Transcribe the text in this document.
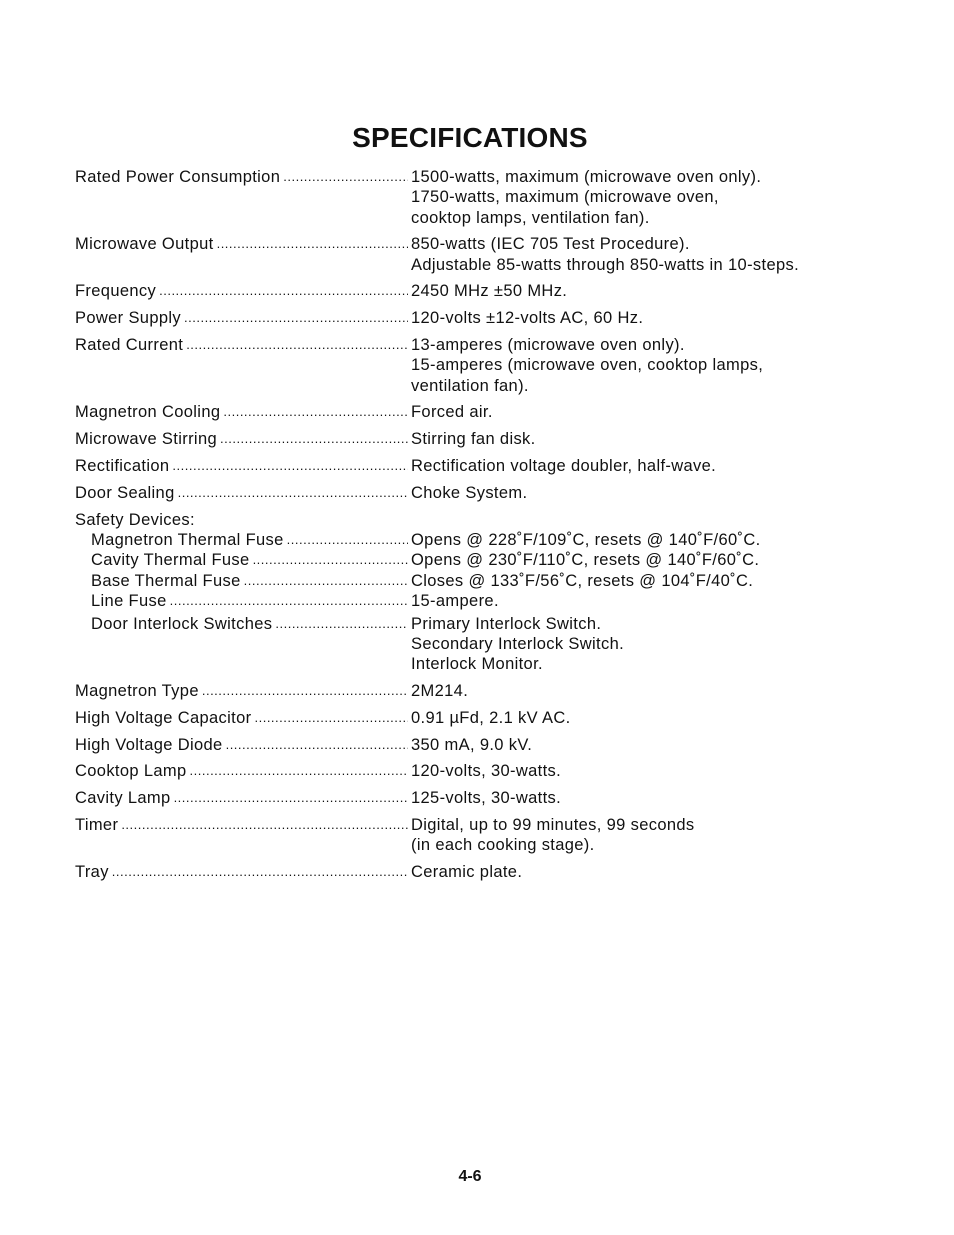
SPECIFICATIONS
Rated Power Consumption .....	1500-watts, maximum (microwave oven only).
1750-watts, maximum (microwave oven,
cooktop lamps, ventilation fan).
Microwave Output .....	850-watts (IEC 705 Test Procedure).
Adjustable 85-watts through 850-watts in 10-steps.
Frequency .....	2450 MHz ±50 MHz.
Power Supply .....	120-volts ±12-volts AC, 60 Hz.
Rated Current .....	13-amperes (microwave oven only).
15-amperes (microwave oven, cooktop lamps,
ventilation fan).
Magnetron Cooling .....	Forced air.
Microwave Stirring .....	Stirring fan disk.
Rectification .....	Rectification voltage doubler, half-wave.
Door Sealing .....	Choke System.
Safety Devices:
Magnetron Thermal Fuse .....	Opens @ 228˚F/109˚C, resets @ 140˚F/60˚C.
Cavity Thermal Fuse .....	Opens @ 230˚F/110˚C, resets @ 140˚F/60˚C.
Base Thermal Fuse .....	Closes @ 133˚F/56˚C, resets @ 104˚F/40˚C.
Line Fuse .....	15-ampere.
Door Interlock Switches .....	Primary Interlock Switch.
Secondary Interlock Switch.
Interlock Monitor.
Magnetron Type .....	2M214.
High Voltage Capacitor .....	0.91 µFd, 2.1 kV AC.
High Voltage Diode .....	350 mA, 9.0 kV.
Cooktop Lamp .....	120-volts, 30-watts.
Cavity Lamp .....	125-volts, 30-watts.
Timer .....	Digital, up to 99 minutes, 99 seconds
(in each cooking stage).
Tray .....	Ceramic plate.
4-6
